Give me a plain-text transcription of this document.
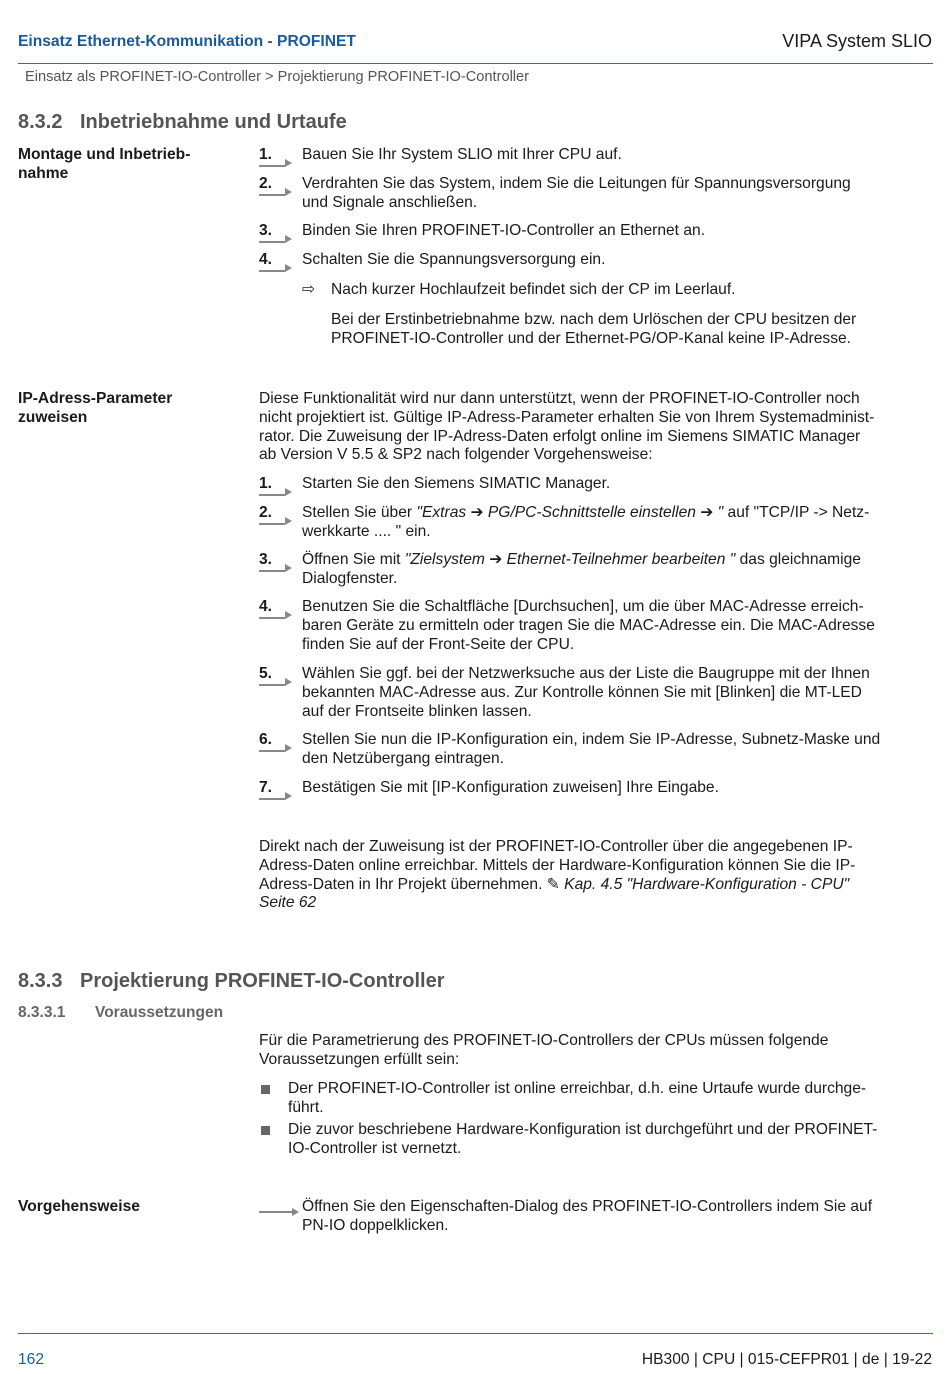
Einsatz Ethernet-Kommunikation - PROFINET	VIPA System SLIO
Einsatz als PROFINET-IO-Controller > Projektierung PROFINET-IO-Controller
8.3.2 Inbetriebnahme und Urtaufe
Montage und Inbetrieb-
nahme
1. Bauen Sie Ihr System SLIO mit Ihrer CPU auf.
2. Verdrahten Sie das System, indem Sie die Leitungen für Spannungsversorgung
und Signale anschließen.
3. Binden Sie Ihren PROFINET-IO-Controller an Ethernet an.
4. Schalten Sie die Spannungsversorgung ein.
⇨ Nach kurzer Hochlaufzeit befindet sich der CP im Leerlauf.
Bei der Erstinbetriebnahme bzw. nach dem Urlöschen der CPU besitzen der
PROFINET-IO-Controller und der Ethernet-PG/OP-Kanal keine IP-Adresse.
IP-Adress-Parameter
zuweisen
Diese Funktionalität wird nur dann unterstützt, wenn der PROFINET-IO-Controller noch
nicht projektiert ist. Gültige IP-Adress-Parameter erhalten Sie von Ihrem Systemadminist-
rator. Die Zuweisung der IP-Adress-Daten erfolgt online im Siemens SIMATIC Manager
ab Version V 5.5 & SP2 nach folgender Vorgehensweise:
1. Starten Sie den Siemens SIMATIC Manager.
2. Stellen Sie über "Extras ➔ PG/PC-Schnittstelle einstellen ➔ " auf "TCP/IP -> Netz-
werkkarte .... " ein.
3. Öffnen Sie mit "Zielsystem ➔ Ethernet-Teilnehmer bearbeiten " das gleichnamige
Dialogfenster.
4. Benutzen Sie die Schaltfläche [Durchsuchen], um die über MAC-Adresse erreich-
baren Geräte zu ermitteln oder tragen Sie die MAC-Adresse ein. Die MAC-Adresse
finden Sie auf der Front-Seite der CPU.
5. Wählen Sie ggf. bei der Netzwerksuche aus der Liste die Baugruppe mit der Ihnen
bekannten MAC-Adresse aus. Zur Kontrolle können Sie mit [Blinken] die MT-LED
auf der Frontseite blinken lassen.
6. Stellen Sie nun die IP-Konfiguration ein, indem Sie IP-Adresse, Subnetz-Maske und
den Netzübergang eintragen.
7. Bestätigen Sie mit [IP-Konfiguration zuweisen] Ihre Eingabe.
Direkt nach der Zuweisung ist der PROFINET-IO-Controller über die angegebenen IP-
Adress-Daten online erreichbar. Mittels der Hardware-Konfiguration können Sie die IP-
Adress-Daten in Ihr Projekt übernehmen. ✎ Kap. 4.5 "Hardware-Konfiguration - CPU"
Seite 62
8.3.3 Projektierung PROFINET-IO-Controller
8.3.3.1 Voraussetzungen
Für die Parametrierung des PROFINET-IO-Controllers der CPUs müssen folgende
Voraussetzungen erfüllt sein:
Der PROFINET-IO-Controller ist online erreichbar, d.h. eine Urtaufe wurde durchge-
führt.
Die zuvor beschriebene Hardware-Konfiguration ist durchgeführt und der PROFINET-
IO-Controller ist vernetzt.
Vorgehensweise	Öffnen Sie den Eigenschaften-Dialog des PROFINET-IO-Controllers indem Sie auf
PN-IO doppelklicken.
162	HB300 | CPU | 015-CEFPR01 | de | 19-22
